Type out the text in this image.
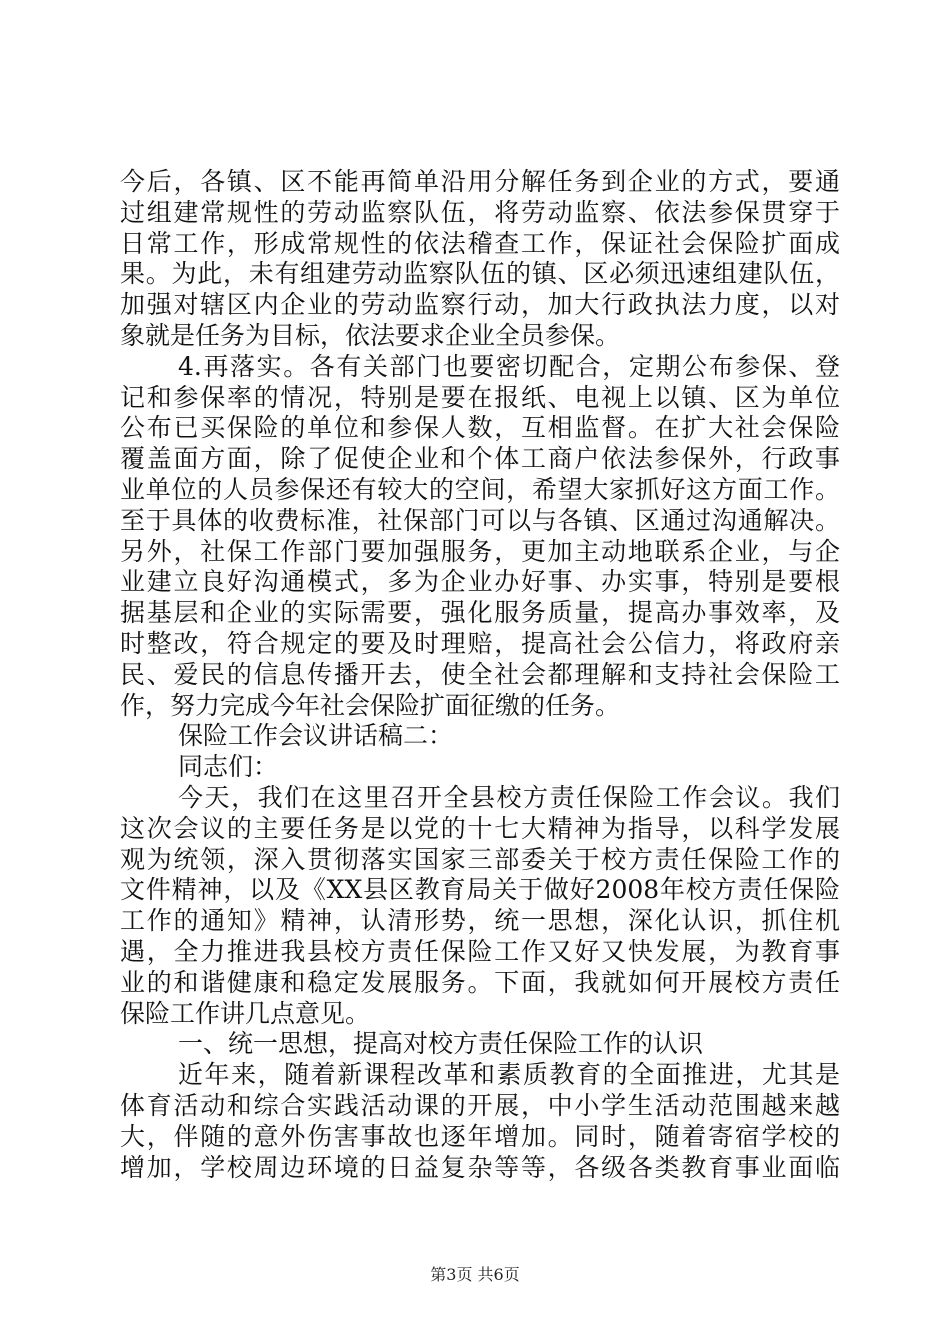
今后，各镇、区不能再简单沿用分解任务到企业的方式，要通
过组建常规性的劳动监察队伍，将劳动监察、依法参保贯穿于
日常工作，形成常规性的依法稽查工作，保证社会保险扩面成
果。为此，未有组建劳动监察队伍的镇、区必须迅速组建队伍，
加强对辖区内企业的劳动监察行动，加大行政执法力度，以对
象就是任务为目标，依法要求企业全员参保。
4.再落实。各有关部门也要密切配合，定期公布参保、登
记和参保率的情况，特别是要在报纸、电视上以镇、区为单位
公布已买保险的单位和参保人数，互相监督。在扩大社会保险
覆盖面方面，除了促使企业和个体工商户依法参保外，行政事
业单位的人员参保还有较大的空间，希望大家抓好这方面工作。
至于具体的收费标准，社保部门可以与各镇、区通过沟通解决。
另外，社保工作部门要加强服务，更加主动地联系企业，与企
业建立良好沟通模式，多为企业办好事、办实事，特别是要根
据基层和企业的实际需要，强化服务质量，提高办事效率，及
时整改，符合规定的要及时理赔，提高社会公信力，将政府亲
民、爱民的信息传播开去，使全社会都理解和支持社会保险工
作，努力完成今年社会保险扩面征缴的任务。
保险工作会议讲话稿二：
同志们：
今天，我们在这里召开全县校方责任保险工作会议。我们
这次会议的主要任务是以党的十七大精神为指导，以科学发展
观为统领，深入贯彻落实国家三部委关于校方责任保险工作的
文件精神，以及《XX县区教育局关于做好2008年校方责任保险
工作的通知》精神，认清形势，统一思想，深化认识，抓住机
遇，全力推进我县校方责任保险工作又好又快发展，为教育事
业的和谐健康和稳定发展服务。下面，我就如何开展校方责任
保险工作讲几点意见。
一、统一思想，提高对校方责任保险工作的认识
近年来，随着新课程改革和素质教育的全面推进，尤其是
体育活动和综合实践活动课的开展，中小学生活动范围越来越
大，伴随的意外伤害事故也逐年增加。同时，随着寄宿学校的
增加，学校周边环境的日益复杂等等，各级各类教育事业面临
第3页 共6页
